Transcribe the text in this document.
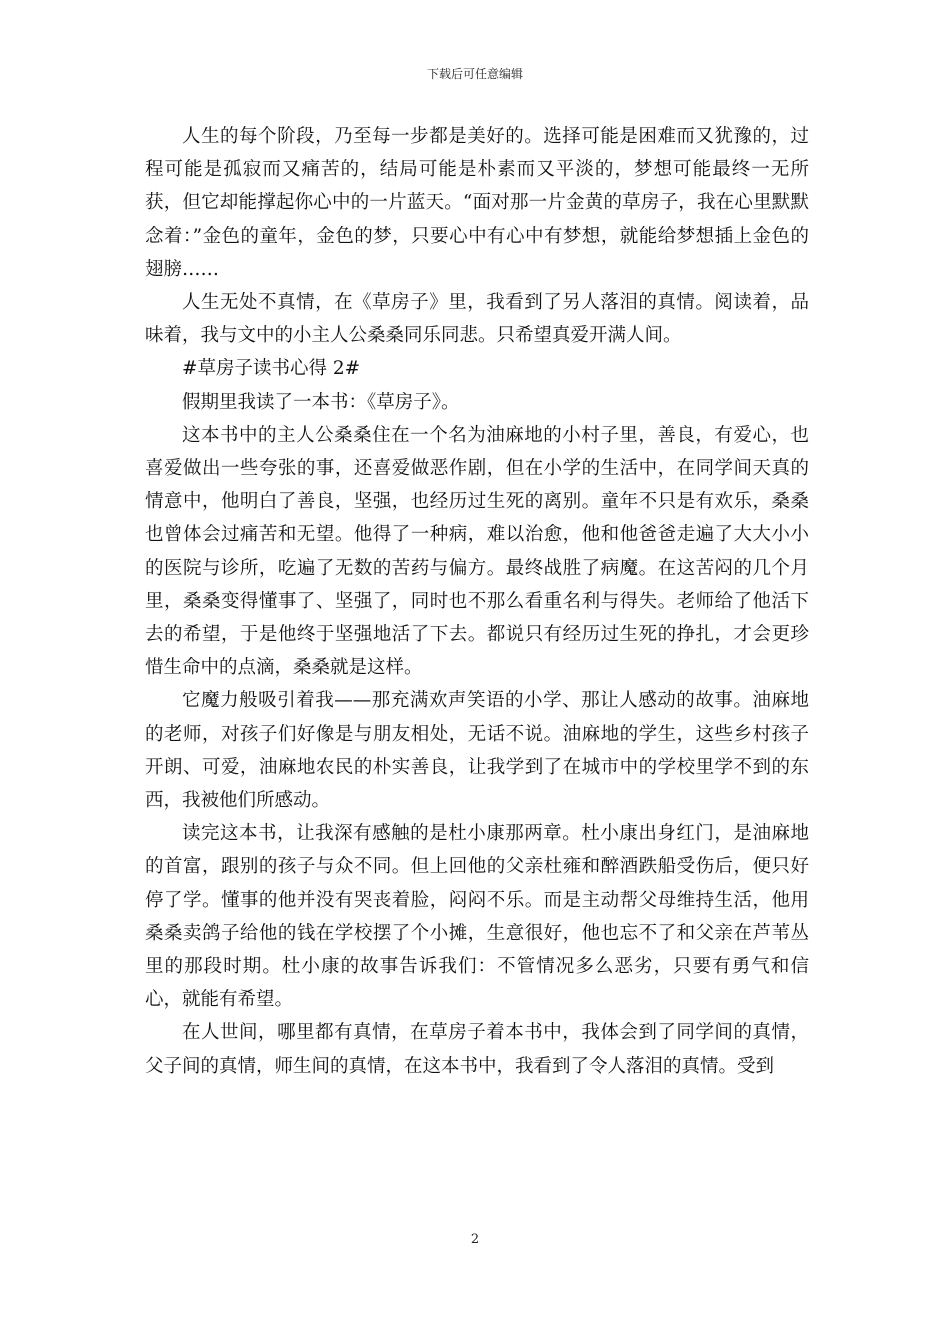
下载后可任意编辑

人生的每个阶段，乃至每一步都是美好的。选择可能是困难而又犹豫的，过程可能是孤寂而又痛苦的，结局可能是朴素而又平淡的，梦想可能最终一无所获，但它却能撑起你心中的一片蓝天。“面对那一片金黄的草房子，我在心里默默念着：”金色的童年，金色的梦，只要心中有心中有梦想，就能给梦想插上金色的翅膀……

人生无处不真情，在《草房子》里，我看到了另人落泪的真情。阅读着，品味着，我与文中的小主人公桑桑同乐同悲。只希望真爱开满人间。

#草房子读书心得 2#

假期里我读了一本书：《草房子》。

这本书中的主人公桑桑住在一个名为油麻地的小村子里，善良，有爱心，也喜爱做出一些夸张的事，还喜爱做恶作剧，但在小学的生活中，在同学间天真的情意中，他明白了善良，坚强，也经历过生死的离别。童年不只是有欢乐，桑桑也曾体会过痛苦和无望。他得了一种病，难以治愈，他和他爸爸走遍了大大小小的医院与诊所，吃遍了无数的苦药与偏方。最终战胜了病魔。在这苦闷的几个月里，桑桑变得懂事了、坚强了，同时也不那么看重名利与得失。老师给了他活下去的希望，于是他终于坚强地活了下去。都说只有经历过生死的挣扎，才会更珍惜生命中的点滴，桑桑就是这样。

它魔力般吸引着我——那充满欢声笑语的小学、那让人感动的故事。油麻地的老师，对孩子们好像是与朋友相处，无话不说。油麻地的学生，这些乡村孩子开朗、可爱，油麻地农民的朴实善良，让我学到了在城市中的学校里学不到的东西，我被他们所感动。

读完这本书，让我深有感触的是杜小康那两章。杜小康出身红门，是油麻地的首富，跟别的孩子与众不同。但上回他的父亲杜雍和醉酒跌船受伤后，便只好停了学。懂事的他并没有哭丧着脸，闷闷不乐。而是主动帮父母维持生活，他用桑桑卖鸽子给他的钱在学校摆了个小摊，生意很好，他也忘不了和父亲在芦苇丛里的那段时期。杜小康的故事告诉我们：不管情况多么恶劣，只要有勇气和信心，就能有希望。

在人世间，哪里都有真情，在草房子着本书中，我体会到了同学间的真情，父子间的真情，师生间的真情，在这本书中，我看到了令人落泪的真情。受到

2
